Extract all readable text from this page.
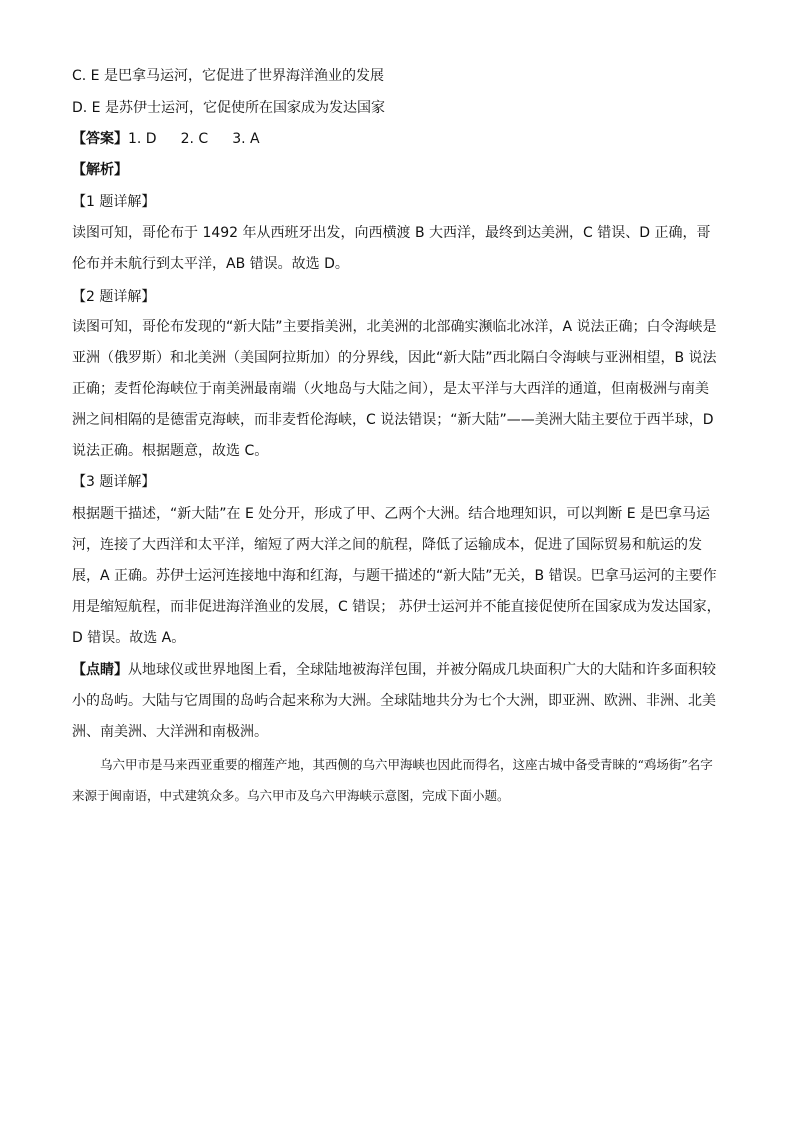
C. E 是巴拿马运河，它促进了世界海洋渔业的发展
D. E 是苏伊士运河，它促使所在国家成为发达国家
【答案】1. D 2. C 3. A
【解析】
【1 题详解】
读图可知，哥伦布于 1492 年从西班牙出发，向西横渡 B 大西洋，最终到达美洲，C 错误、D 正确，哥伦布并未航行到太平洋，AB 错误。故选 D。
【2 题详解】
读图可知，哥伦布发现的“新大陆”主要指美洲，北美洲的北部确实濒临北冰洋，A 说法正确；白令海峡是亚洲（俄罗斯）和北美洲（美国阿拉斯加）的分界线，因此“新大陆”西北隔白令海峡与亚洲相望，B 说法正确；麦哲伦海峡位于南美洲最南端（火地岛与大陆之间），是太平洋与大西洋的通道，但南极洲与南美洲之间相隔的是德雷克海峡，而非麦哲伦海峡，C 说法错误；“新大陆”——美洲大陆主要位于西半球，D 说法正确。根据题意，故选 C。
【3 题详解】
根据题干描述，“新大陆”在 E 处分开，形成了甲、乙两个大洲。结合地理知识，可以判断 E 是巴拿马运河，连接了大西洋和太平洋，缩短了两大洋之间的航程，降低了运输成本，促进了国际贸易和航运的发展，A 正确。苏伊士运河连接地中海和红海，与题干描述的“新大陆”无关，B 错误。巴拿马运河的主要作用是缩短航程，而非促进海洋渔业的发展，C 错误； 苏伊士运河并不能直接促使所在国家成为发达国家，D 错误。故选 A。
【点睛】从地球仪或世界地图上看，全球陆地被海洋包围，并被分隔成几块面积广大的大陆和许多面积较小的岛屿。大陆与它周围的岛屿合起来称为大洲。全球陆地共分为七个大洲，即亚洲、欧洲、非洲、北美洲、南美洲、大洋洲和南极洲。
乌六甲市是马来西亚重要的榴莲产地，其西侧的乌六甲海峡也因此而得名，这座古城中备受青睐的“鸡场街”名字来源于闽南语，中式建筑众多。乌六甲市及乌六甲海峡示意图，完成下面小题。
